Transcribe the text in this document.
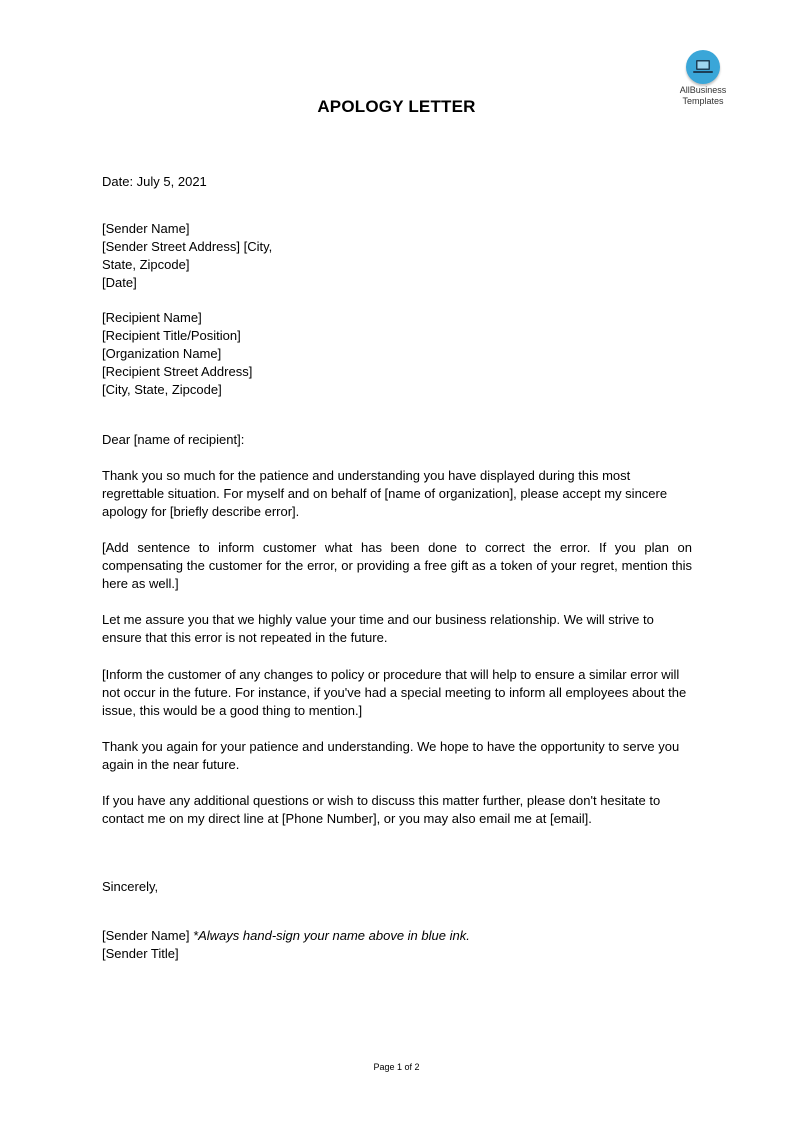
AllBusiness
Templates
APOLOGY LETTER
Date: July 5, 2021
[Sender Name]
[Sender Street Address] [City,
State, Zipcode]
[Date]
[Recipient Name]
[Recipient Title/Position]
[Organization Name]
[Recipient Street Address]
[City, State, Zipcode]
Dear [name of recipient]:
Thank you so much for the patience and understanding you have displayed during this most regrettable situation. For myself and on behalf of [name of organization], please accept my sincere apology for [briefly describe error].
[Add sentence to inform customer what has been done to correct the error. If you plan on compensating the customer for the error, or providing a free gift as a token of your regret, mention this here as well.]
Let me assure you that we highly value your time and our business relationship. We will strive to ensure that this error is not repeated in the future.
[Inform the customer of any changes to policy or procedure that will help to ensure a similar error will not occur in the future. For instance, if you've had a special meeting to inform all employees about the issue, this would be a good thing to mention.]
Thank you again for your patience and understanding. We hope to have the opportunity to serve you again in the near future.
If you have any additional questions or wish to discuss this matter further, please don't hesitate to contact me on my direct line at [Phone Number], or you may also email me at [email].
Sincerely,
[Sender Name] *Always hand-sign your name above in blue ink.
[Sender Title]
Page 1 of 2
